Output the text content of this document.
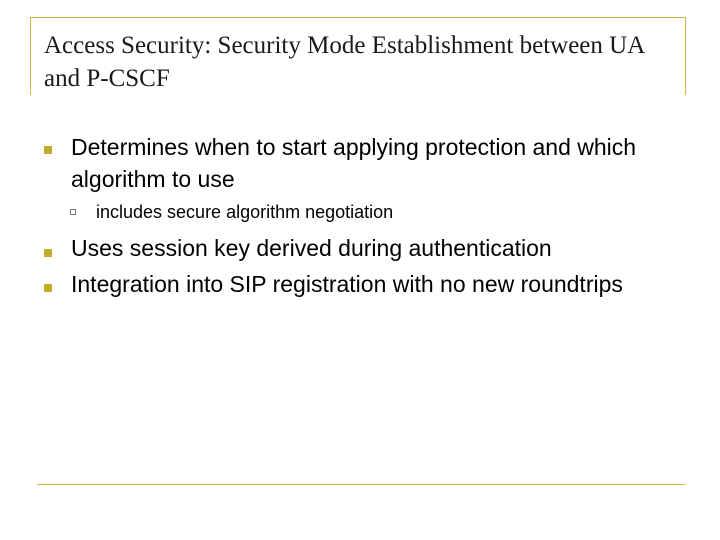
Access Security: Security Mode Establishment between UA and P-CSCF
Determines when to start applying protection and which algorithm to use
includes secure algorithm negotiation
Uses session key derived during authentication
Integration into SIP registration with no new roundtrips
